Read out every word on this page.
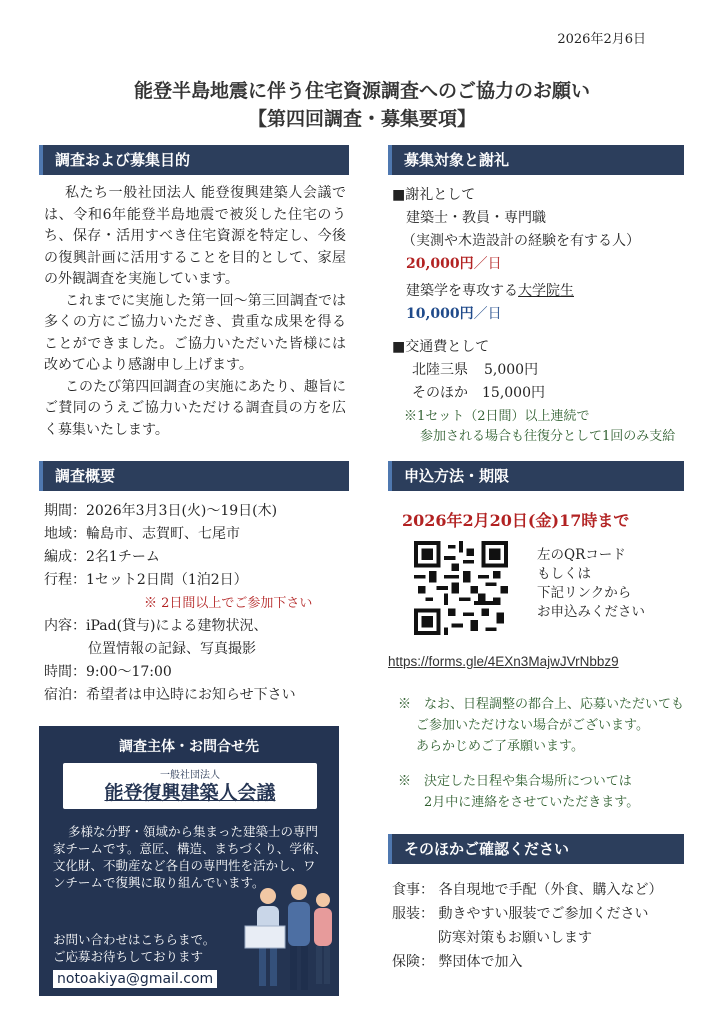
2026年2月6日
能登半島地震に伴う住宅資源調査へのご協力のお願い
【第四回調査・募集要項】
調査および募集目的
私たち一般社団法人 能登復興建築人会議では、令和6年能登半島地震で被災した住宅のうち、保存・活用すべき住宅資源を特定し、今後の復興計画に活用することを目的として、家屋の外観調査を実施しています。
これまでに実施した第一回〜第三回調査では多くの方にご協力いただき、貴重な成果を得ることができました。ご協力いただいた皆様には改めて心より感謝申し上げます。
このたび第四回調査の実施にあたり、趣旨にご賛同のうえご協力いただける調査員の方を広く募集いたします。
調査概要
期間：2026年3月3日(火)〜19日(木)
地域：輪島市、志賀町、七尾市
編成：2名1チーム
行程：1セット2日間（1泊2日）
※ 2日間以上でご参加下さい
内容：iPad(貸与)による建物状況、
位置情報の記録、写真撮影
時間：9:00〜17:00
宿泊：希望者は申込時にお知らせ下さい
調査主体・お問合せ先
一般社団法人
能登復興建築人会議
多様な分野・領域から集まった建築士の専門家チームです。意匠、構造、まちづくり、学術、文化財、不動産など各自の専門性を活かし、ワンチームで復興に取り組んでいます。
お問い合わせはこちらまで。
ご応募お待ちしております
notoakiya@gmail.com
募集対象と謝礼
■謝礼として
建築士・教員・専門職
（実測や木造設計の経験を有する人）
20,000円／日
建築学を専攻する大学院生
10,000円／日
■交通費として
北陸三県 5,000円
そのほか 15,000円
※1セット（2日間）以上連続で
参加される場合も往復分として1回のみ支給
申込方法・期限
2026年2月20日(金)17時まで
左のQRコード
もしくは
下記リンクから
お申込みください
https://forms.gle/4EXn3MajwJVrNbbz9
※　なお、日程調整の都合上、応募いただいても
ご参加いただけない場合がございます。
あらかじめご了承願います。
※　決定した日程や集合場所については
2月中に連絡をさせていただきます。
そのほかご確認ください
食事： 各自現地で手配（外食、購入など）
服装： 動きやすい服装でご参加ください
防寒対策もお願いします
保険： 弊団体で加入
